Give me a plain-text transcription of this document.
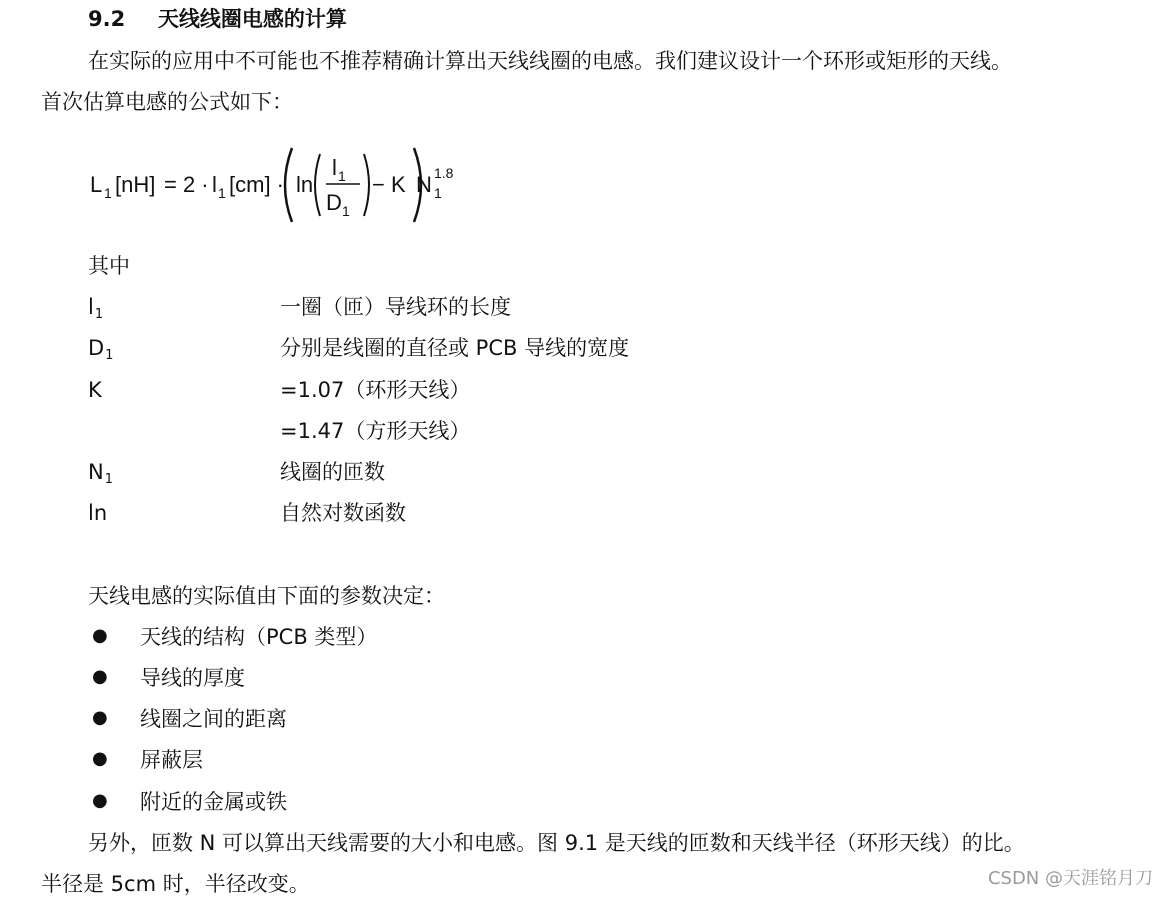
9.2 天线线圈电感的计算
在实际的应用中不可能也不推荐精确计算出天线线圈的电感。我们建议设计一个环形或矩形的天线。
首次估算电感的公式如下：
L 1 [nH] = 2 · l 1 [cm] · ln
l 1
D 1
− K N 1
1.8
其中
l1	一圈（匝）导线环的长度
D1	分别是线圈的直径或 PCB 导线的宽度
K	=1.07（环形天线）
=1.47（方形天线）
N1	线圈的匝数
ln	自然对数函数
天线电感的实际值由下面的参数决定：
● 天线的结构（PCB 类型）
● 导线的厚度
● 线圈之间的距离
● 屏蔽层
● 附近的金属或铁
另外，匝数 N 可以算出天线需要的大小和电感。图 9.1 是天线的匝数和天线半径（环形天线）的比。
半径是 5cm 时，半径改变。	CSDN @天涯铭月刀
